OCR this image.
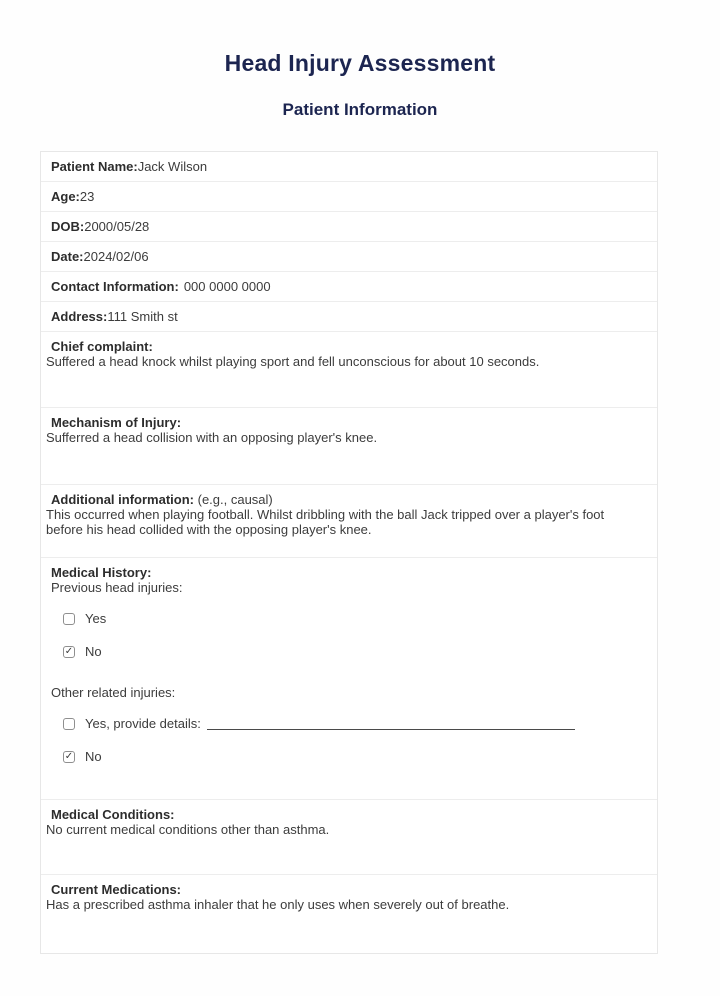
Head Injury Assessment
Patient Information
Patient Name: Jack Wilson
Age: 23
DOB: 2000/05/28
Date: 2024/02/06
Contact Information: 000 0000 0000
Address: 111 Smith st
Chief complaint:
Suffered a head knock whilst playing sport and fell unconscious for about 10 seconds.
Mechanism of Injury:
Sufferred a head collision with an opposing player's knee.
Additional information: (e.g., causal)
This occurred when playing football. Whilst dribbling with the ball Jack tripped over a player's foot before his head collided with the opposing player's knee.
Medical History:
Previous head injuries:
Yes
✓
No
Other related injuries:
Yes, provide details:
✓
No
Medical Conditions:
No current medical conditions other than asthma.
Current Medications:
Has a prescribed asthma inhaler that he only uses when severely out of breathe.
